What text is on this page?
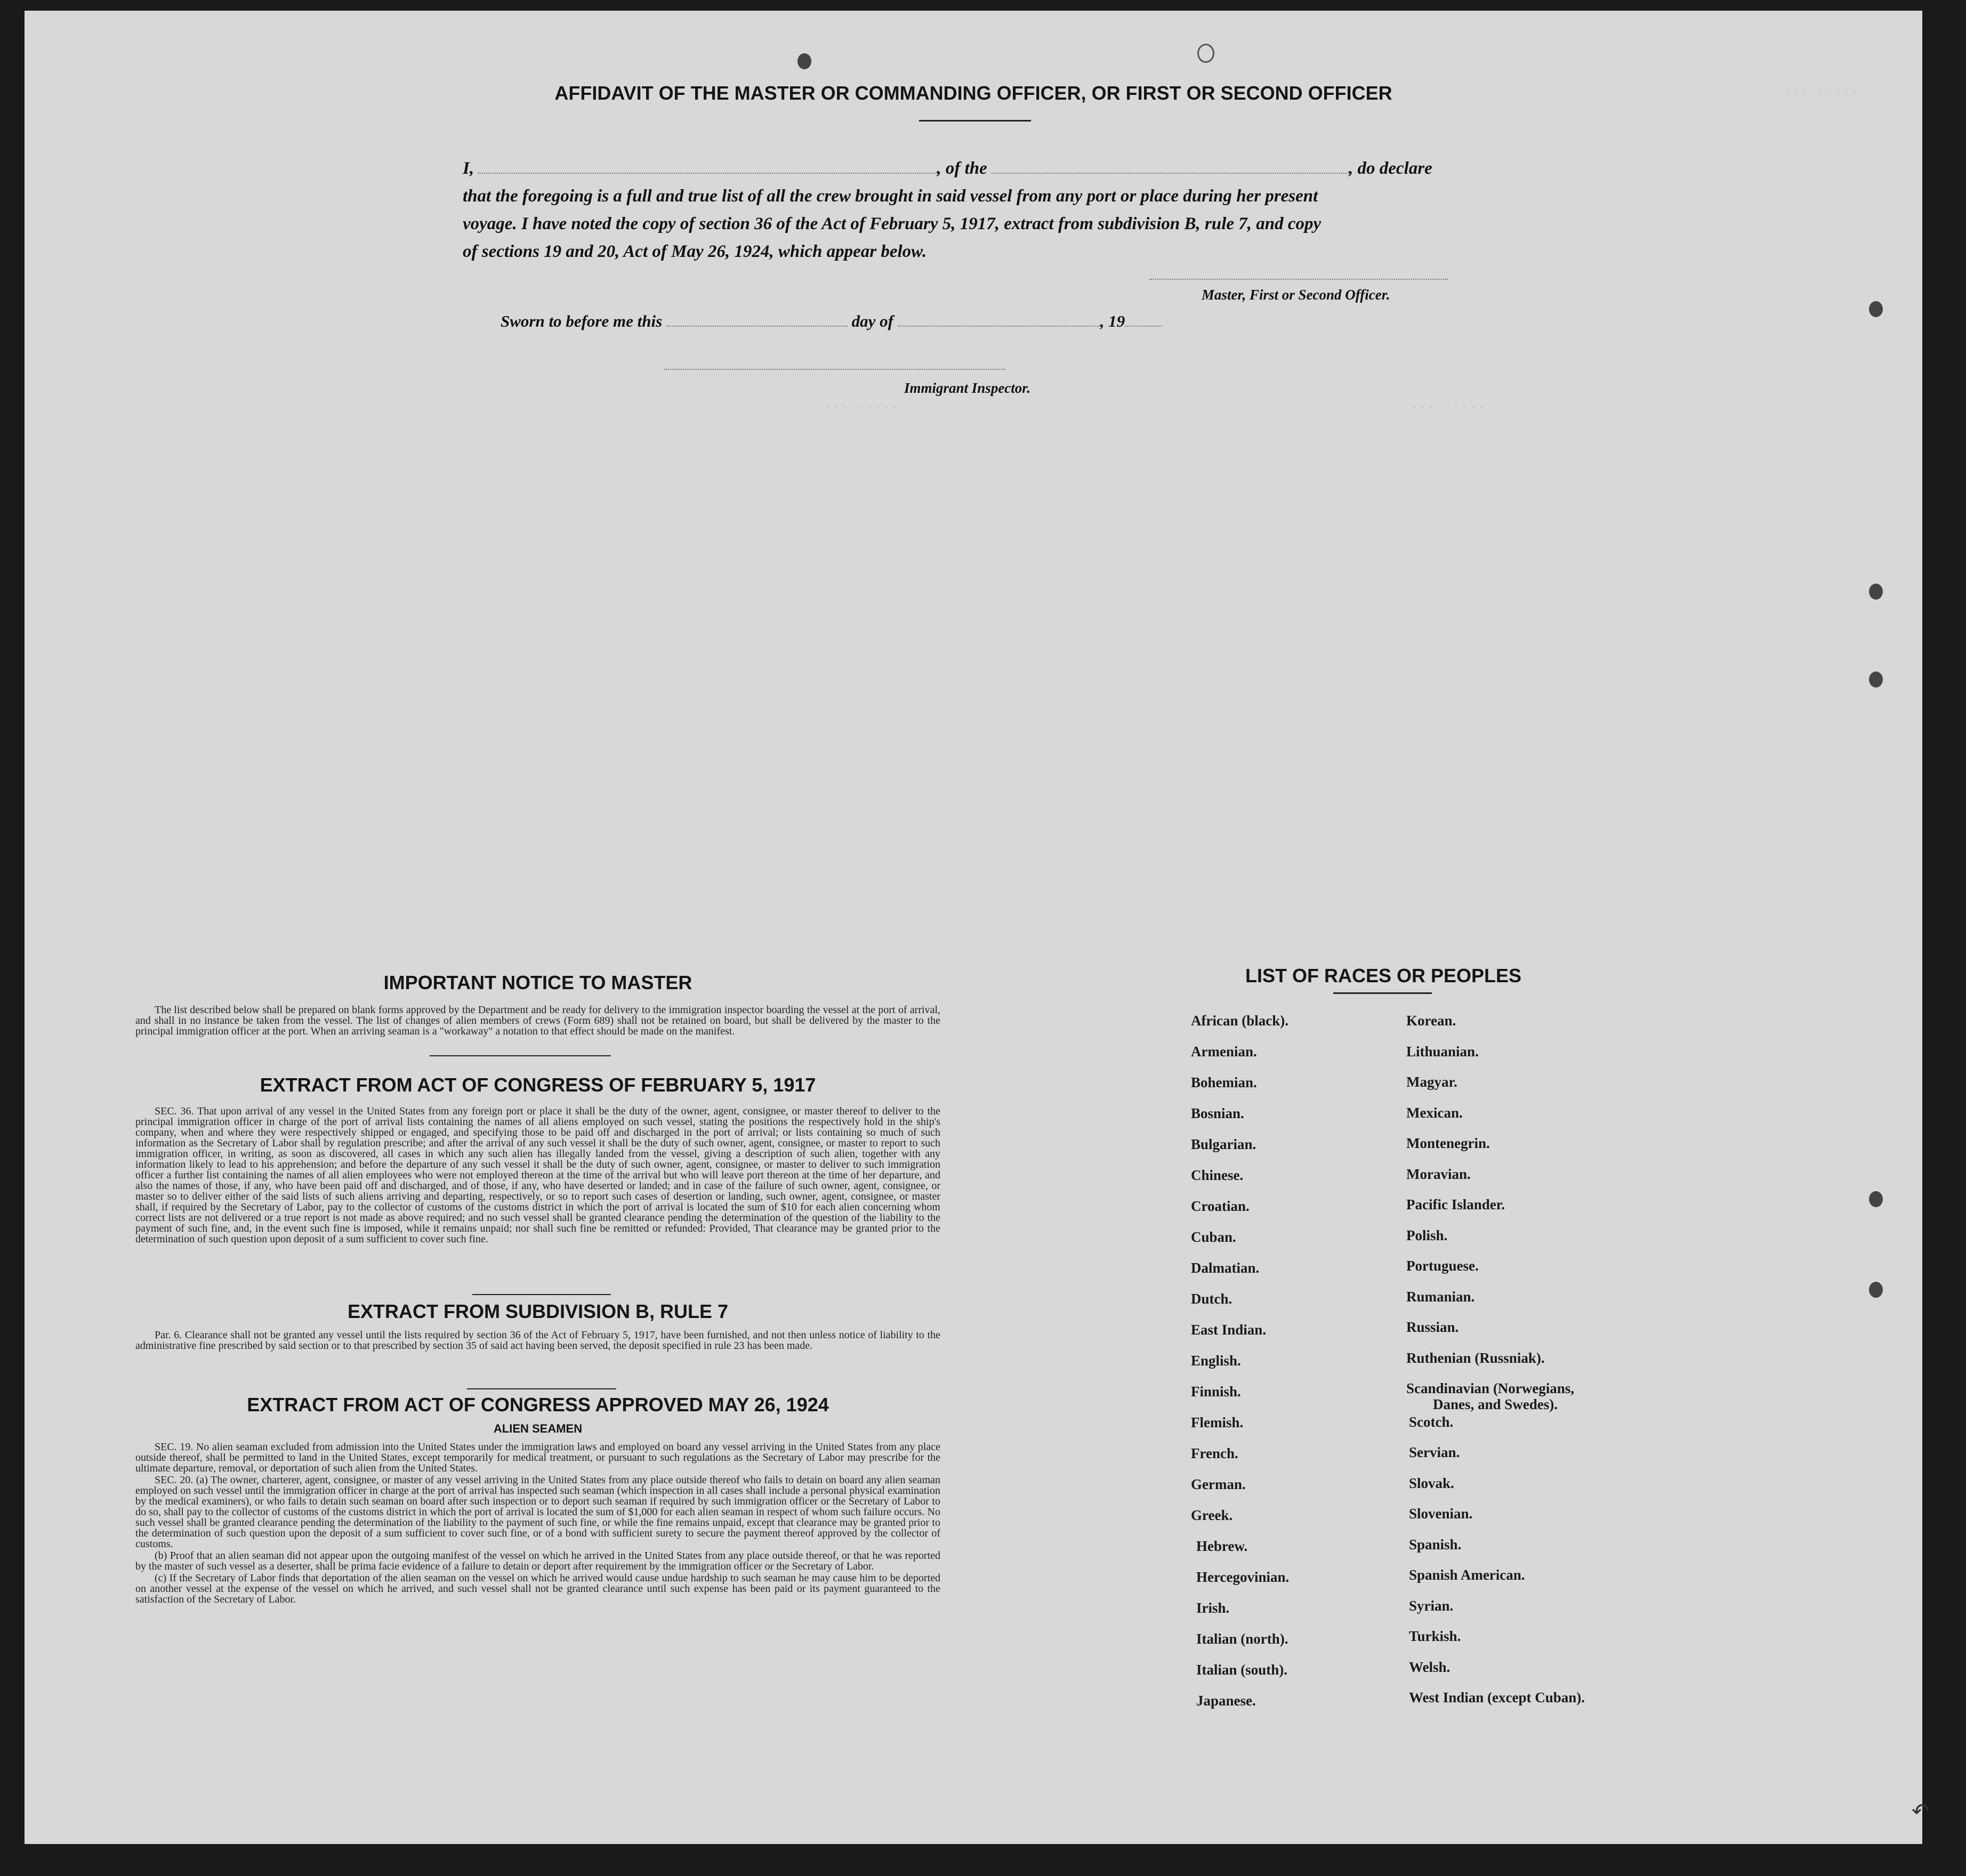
··· ·····
··· ·····
··· ·····
AFFIDAVIT OF THE MASTER OR COMMANDING OFFICER, OR FIRST OR SECOND OFFICER
I,	, of the	, do declare
that the foregoing is a full and true list of all the crew brought in said vessel from any port or place during her present
voyage. I have noted the copy of section 36 of the Act of February 5, 1917, extract from subdivision B, rule 7, and copy
of sections 19 and 20, Act of May 26, 1924, which appear below.
Master, First or Second Officer.
Sworn to before me this	day of	, 19
Immigrant Inspector.
IMPORTANT NOTICE TO MASTER

The list described below shall be prepared on blank forms approved by the Department and be ready for delivery to the immigration inspector boarding the vessel at the port of arrival, and shall in no instance be taken from the vessel. The list of changes of alien members of crews (Form 689) shall not be retained on board, but shall be delivered by the master to the principal immigration officer at the port. When an arriving seaman is a "workaway" a notation to that effect should be made on the manifest.

EXTRACT FROM ACT OF CONGRESS OF FEBRUARY 5, 1917

SEC. 36. That upon arrival of any vessel in the United States from any foreign port or place it shall be the duty of the owner, agent, consignee, or master thereof to deliver to the principal immigration officer in charge of the port of arrival lists containing the names of all aliens employed on such vessel, stating the positions the respectively hold in the ship's company, when and where they were respectively shipped or engaged, and specifying those to be paid off and discharged in the port of arrival; or lists containing so much of such information as the Secretary of Labor shall by regulation prescribe; and after the arrival of any such vessel it shall be the duty of such owner, agent, consignee, or master to report to such immigration officer, in writing, as soon as discovered, all cases in which any such alien has illegally landed from the vessel, giving a description of such alien, together with any information likely to lead to his apprehension; and before the departure of any such vessel it shall be the duty of such owner, agent, consignee, or master to deliver to such immigration officer a further list containing the names of all alien employees who were not employed thereon at the time of the arrival but who will leave port thereon at the time of her departure, and also the names of those, if any, who have been paid off and discharged, and of those, if any, who have deserted or landed; and in case of the failure of such owner, agent, consignee, or master so to deliver either of the said lists of such aliens arriving and departing, respectively, or so to report such cases of desertion or landing, such owner, agent, consignee, or master shall, if required by the Secretary of Labor, pay to the collector of customs of the customs district in which the port of arrival is located the sum of $10 for each alien concerning whom correct lists are not delivered or a true report is not made as above required; and no such vessel shall be granted clearance pending the determination of the question of the liability to the payment of such fine, and, in the event such fine is imposed, while it remains unpaid; nor shall such fine be remitted or refunded: Provided, That clearance may be granted prior to the determination of such question upon deposit of a sum sufficient to cover such fine.

EXTRACT FROM SUBDIVISION B, RULE 7

Par. 6. Clearance shall not be granted any vessel until the lists required by section 36 of the Act of February 5, 1917, have been furnished, and not then unless notice of liability to the administrative fine prescribed by said section or to that prescribed by section 35 of said act having been served, the deposit specified in rule 23 has been made.

EXTRACT FROM ACT OF CONGRESS APPROVED MAY 26, 1924
ALIEN SEAMEN

SEC. 19. No alien seaman excluded from admission into the United States under the immigration laws and employed on board any vessel arriving in the United States from any place outside thereof, shall be permitted to land in the United States, except temporarily for medical treatment, or pursuant to such regulations as the Secretary of Labor may prescribe for the ultimate departure, removal, or deportation of such alien from the United States.

SEC. 20. (a) The owner, charterer, agent, consignee, or master of any vessel arriving in the United States from any place outside thereof who fails to detain on board any alien seaman employed on such vessel until the immigration officer in charge at the port of arrival has inspected such seaman (which inspection in all cases shall include a personal physical examination by the medical examiners), or who fails to detain such seaman on board after such inspection or to deport such seaman if required by such immigration officer or the Secretary of Labor to do so, shall pay to the collector of customs of the customs district in which the port of arrival is located the sum of $1,000 for each alien seaman in respect of whom such failure occurs. No such vessel shall be granted clearance pending the determination of the liability to the payment of such fine, or while the fine remains unpaid, except that clearance may be granted prior to the determination of such question upon the deposit of a sum sufficient to cover such fine, or of a bond with sufficient surety to secure the payment thereof approved by the collector of customs.

(b) Proof that an alien seaman did not appear upon the outgoing manifest of the vessel on which he arrived in the United States from any place outside thereof, or that he was reported by the master of such vessel as a deserter, shall be prima facie evidence of a failure to detain or deport after requirement by the immigration officer or the Secretary of Labor.

(c) If the Secretary of Labor finds that deportation of the alien seaman on the vessel on which he arrived would cause undue hardship to such seaman he may cause him to be deported on another vessel at the expense of the vessel on which he arrived, and such vessel shall not be granted clearance until such expense has been paid or its payment guaranteed to the satisfaction of the Secretary of Labor.

LIST OF RACES OR PEOPLES
African (black).
Armenian.
Bohemian.
Bosnian.
Bulgarian.
Chinese.
Croatian.
Cuban.
Dalmatian.
Dutch.
East Indian.
English.
Finnish.
Flemish.
French.
German.
Greek.
Hebrew.
Hercegovinian.
Irish.
Italian (north).
Italian (south).
Japanese.
Korean.
Lithuanian.
Magyar.
Mexican.
Montenegrin.
Moravian.
Pacific Islander.
Polish.
Portuguese.
Rumanian.
Russian.
Ruthenian (Russniak).
Scandinavian (Norwegians,
Danes, and Swedes).
Scotch.
Servian.
Slovak.
Slovenian.
Spanish.
Spanish American.
Syrian.
Turkish.
Welsh.
West Indian (except Cuban).
↶
